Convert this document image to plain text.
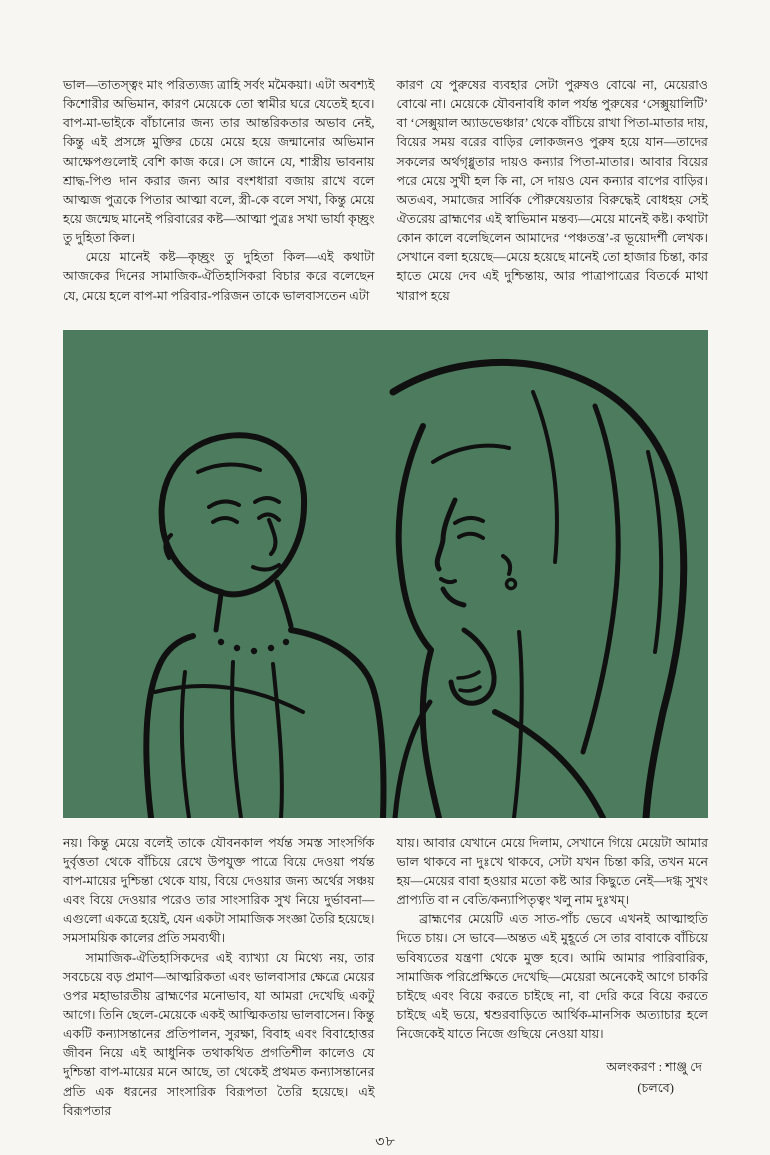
ভাল—তাতস্ত্বং মাং পরিত্যজ্য ত্রাহি সর্বং মমৈকয়া। এটা অবশ্যই কিশোরীর অভিমান, কারণ মেয়েকে তো স্বামীর ঘরে যেতেই হবে। বাপ-মা-ভাইকে বাঁচানোর জন্য তার আন্তরিকতার অভাব নেই, কিন্তু এই প্রসঙ্গে মুক্তির চেয়ে মেয়ে হয়ে জন্মানোর অভিমান আক্ষেপগুলোই বেশি কাজ করে। সে জানে যে, শাস্ত্রীয় ভাবনায় শ্রাদ্ধ-পিণ্ড দান করার জন্য আর বংশধারা বজায় রাখে বলে আত্মজ পুত্রকে পিতার আত্মা বলে, স্ত্রী-কে বলে সখা, কিন্তু মেয়ে হয়ে জন্মেছ মানেই পরিবারের কষ্ট—আত্মা পুত্রঃ সখা ভার্যা কৃচ্ছ্রং তু দুহিতা কিল।

মেয়ে মানেই কষ্ট—কৃচ্ছ্রং তু দুহিতা কিল—এই কথাটা আজকের দিনের সামাজিক-ঐতিহাসিকরা বিচার করে বলেছেন যে, মেয়ে হলে বাপ-মা পরিবার-পরিজন তাকে ভালবাসতেন এটা

কারণ যে পুরুষের ব্যবহার সেটা পুরুষও বোঝে না, মেয়েরাও বোঝে না। মেয়েকে যৌবনাবধি কাল পর্যন্ত পুরুষের ‘সেক্সুয়ালিটি’ বা ‘সেক্সুয়াল অ্যাডভেঞ্চার’ থেকে বাঁচিয়ে রাখা পিতা-মাতার দায়, বিয়ের সময় বরের বাড়ির লোকজনও পুরুষ হয়ে যান—তাদের সকলের অর্থগৃধ্নুতার দায়ও কন্যার পিতা-মাতার। আবার বিয়ের পরে মেয়ে সুখী হল কি না, সে দায়ও যেন কন্যার বাপের বাড়ির। অতএব, সমাজের সার্বিক পৌরুষেয়তার বিরুদ্ধেই বোধহয় সেই ঐতরেয় ব্রাহ্মণের এই স্বাভিমান মন্তব্য—মেয়ে মানেই কষ্ট। কথাটা কোন কালে বলেছিলেন আমাদের ‘পঞ্চতন্ত্র’-র ভূয়োদর্শী লেখক। সেখানে বলা হয়েছে—মেয়ে হয়েছে মানেই তো হাজার চিন্তা, কার হাতে মেয়ে দেব এই দুশ্চিন্তায়, আর পাত্রাপাত্রের বিতর্কে মাথা খারাপ হয়ে

নয়। কিন্তু মেয়ে বলেই তাকে যৌবনকাল পর্যন্ত সমস্ত সাংসর্গিক দুর্বৃত্ততা থেকে বাঁচিয়ে রেখে উপযুক্ত পাত্রে বিয়ে দেওয়া পর্যন্ত বাপ-মায়ের দুশ্চিন্তা থেকে যায়, বিয়ে দেওয়ার জন্য অর্থের সঞ্চয় এবং বিয়ে দেওয়ার পরেও তার সাংসারিক সুখ নিয়ে দুর্ভাবনা—এগুলো একত্রে হয়েই, যেন একটা সামাজিক সংজ্ঞা তৈরি হয়েছে। সমসাময়িক কালের প্রতি সমব্যথী।

সামাজিক-ঐতিহাসিকদের এই ব্যাখ্যা যে মিথ্যে নয়, তার সবচেয়ে বড় প্রমাণ—আত্মরিকতা এবং ভালবাসার ক্ষেত্রে মেয়ের ওপর মহাভারতীয় ব্রাহ্মণের মনোভাব, যা আমরা দেখেছি একটু আগে। তিনি ছেলে-মেয়েকে একই আত্মিকতায় ভালবাসেন। কিন্তু একটি কন্যাসন্তানের প্রতিপালন, সুরক্ষা, বিবাহ এবং বিবাহোত্তর জীবন নিয়ে এই আধুনিক তথাকথিত প্রগতিশীল কালেও যে দুশ্চিন্তা বাপ-মায়ের মনে আছে, তা থেকেই প্রথমত কন্যাসন্তানের প্রতি এক ধরনের সাংসারিক বিরূপতা তৈরি হয়েছে। এই বিরূপতার

যায়। আবার যেখানে মেয়ে দিলাম, সেখানে গিয়ে মেয়েটা আমার ভাল থাকবে না দুঃখে থাকবে, সেটা যখন চিন্তা করি, তখন মনে হয়—মেয়ের বাবা হওয়ার মতো কষ্ট আর কিছুতে নেই—দগ্ধ সুখং প্রাপ্যতি বা ন বেতি/কন্যাপিতৃত্বং খলু নাম দুঃখম্।

ব্রাহ্মণের মেয়েটি এত সাত-পাঁচ ভেবে এখনই আত্মাহুতি দিতে চায়। সে ভাবে—অন্তত এই মুহূর্তে সে তার বাবাকে বাঁচিয়ে ভবিষ্যতের যন্ত্রণা থেকে মুক্ত হবে। আমি আমার পারিবারিক, সামাজিক পরিপ্রেক্ষিতে দেখেছি—মেয়েরা অনেকেই আগে চাকরি চাইছে এবং বিয়ে করতে চাইছে না, বা দেরি করে বিয়ে করতে চাইছে এই ভয়ে, শ্বশুরবাড়িতে আর্থিক-মানসিক অত্যাচার হলে নিজেকেই যাতে নিজে গুছিয়ে নেওয়া যায়।

অলংকরণ : শাঞ্জু দে
(চলবে)
৩৮
